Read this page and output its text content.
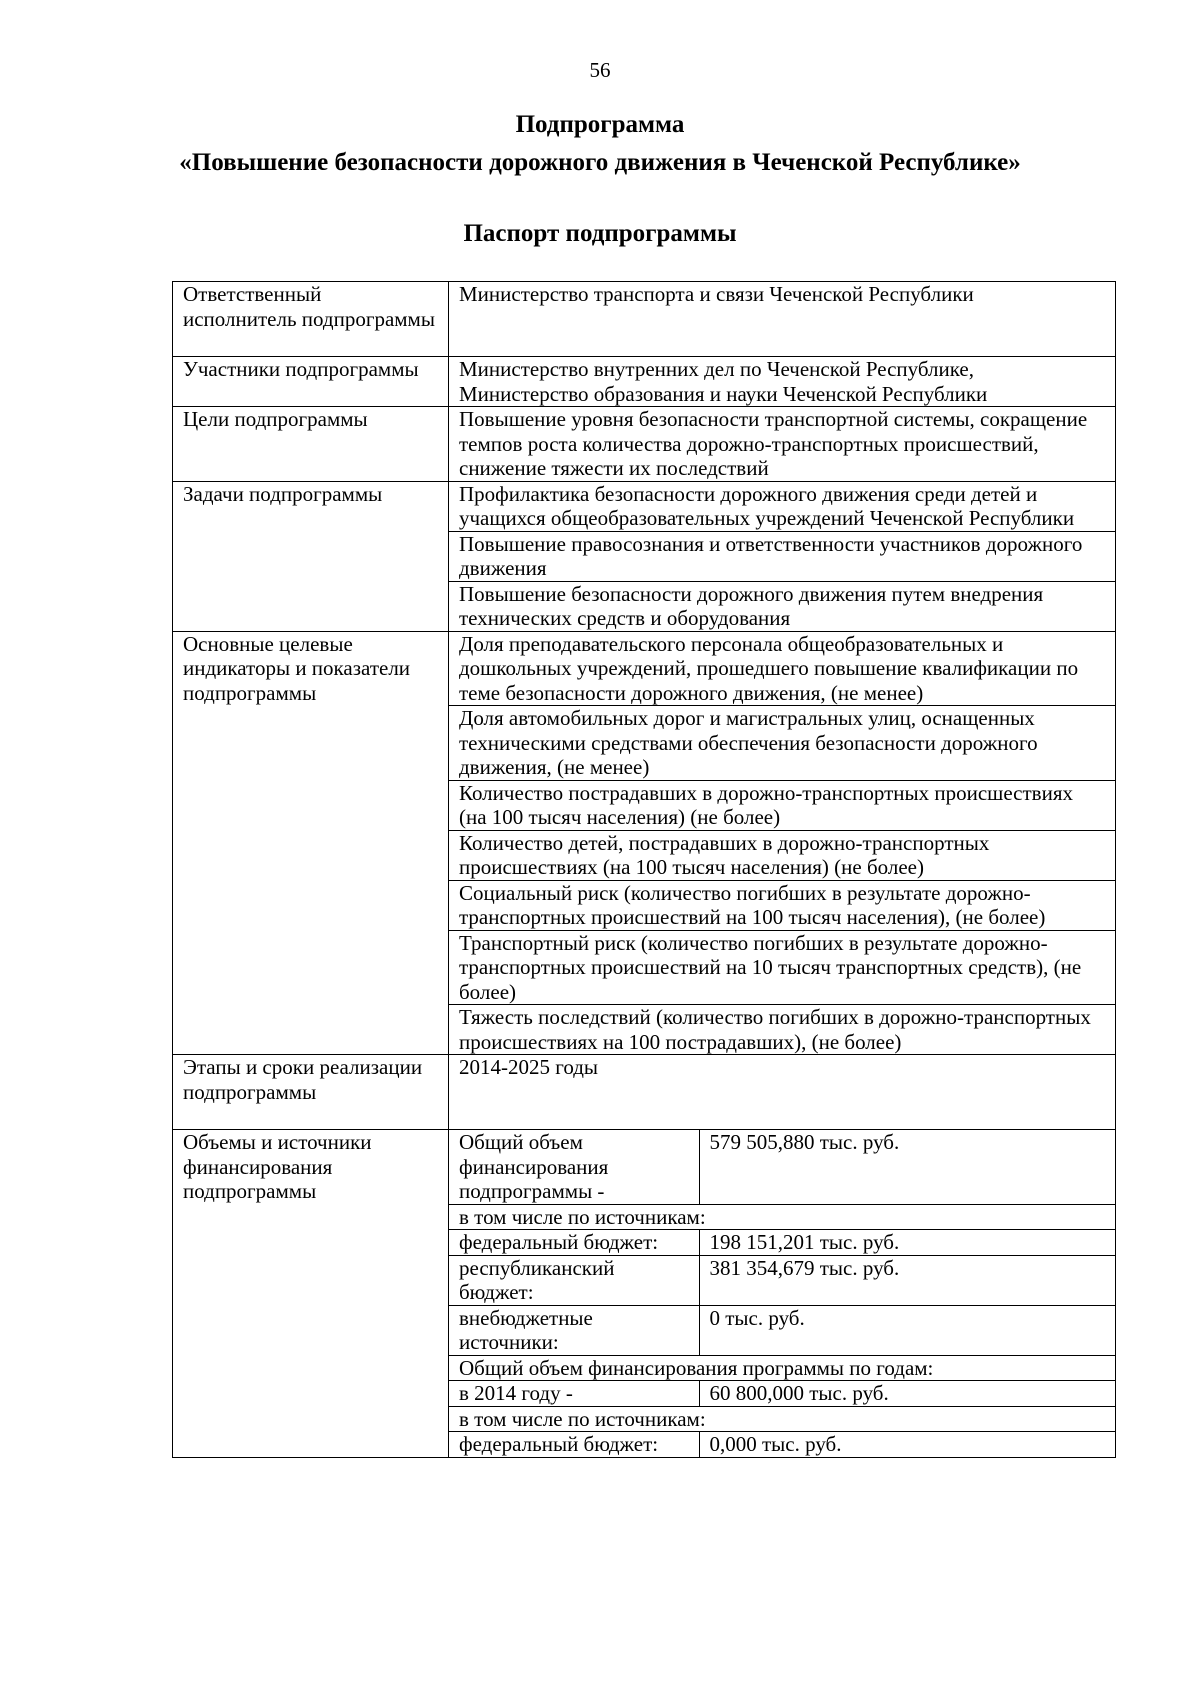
56
Подпрограмма
«Повышение безопасности дорожного движения в Чеченской Республике»
Паспорт подпрограммы
Ответственный исполнитель подпрограммы	Министерство транспорта и связи Чеченской Республики
Участники подпрограммы	Министерство внутренних дел по Чеченской Республике, Министерство образования и науки Чеченской Республики
Цели подпрограммы	Повышение уровня безопасности транспортной системы, сокращение темпов роста количества дорожно-транспортных происшествий, снижение тяжести их последствий
Задачи подпрограммы	Профилактика безопасности дорожного движения среди детей и учащихся общеобразовательных учреждений Чеченской Республики
Повышение правосознания и ответственности участников дорожного движения
Повышение безопасности дорожного движения путем внедрения технических средств и оборудования
Основные целевые индикаторы и показатели подпрограммы	Доля преподавательского персонала общеобразовательных и дошкольных учреждений, прошедшего повышение квалификации по теме безопасности дорожного движения, (не менее)
Доля автомобильных дорог и магистральных улиц, оснащенных техническими средствами обеспечения безопасности дорожного движения, (не менее)
Количество пострадавших в дорожно-транспортных происшествиях (на 100 тысяч населения) (не более)
Количество детей, пострадавших в дорожно-транспортных происшествиях (на 100 тысяч населения) (не более)
Социальный риск (количество погибших в результате дорожно-транспортных происшествий на 100 тысяч населения), (не более)
Транспортный риск (количество погибших в результате дорожно-транспортных происшествий на 10 тысяч транспортных средств), (не более)
Тяжесть последствий (количество погибших в дорожно-транспортных происшествиях на 100 пострадавших), (не более)
Этапы и сроки реализации подпрограммы	2014-2025 годы
Объемы и источники финансирования подпрограммы	
Общий объем финансирования подпрограммы -	579 505,880 тыс. руб.
в том числе по источникам:
федеральный бюджет:	198 151,201 тыс. руб.
республиканский бюджет:	381 354,679 тыс. руб.
внебюджетные источники:	0 тыс. руб.
Общий объем финансирования программы по годам:
в 2014 году -	60 800,000 тыс. руб.
в том числе по источникам:
федеральный бюджет:	0,000 тыс. руб.
